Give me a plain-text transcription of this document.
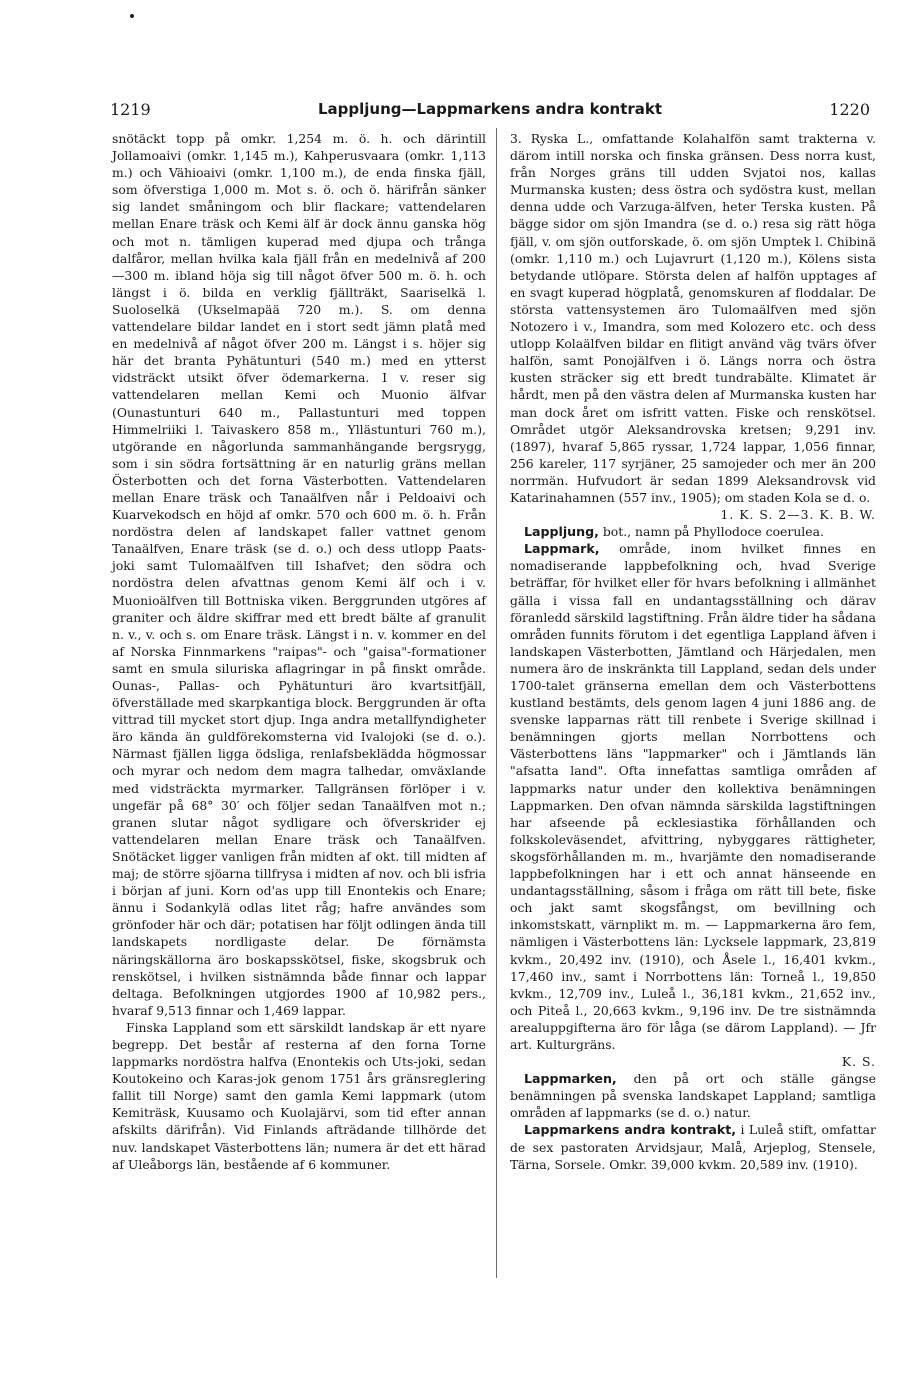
1219	Lappljung—Lappmarkens andra kontrakt	1220

snötäckt topp på omkr. 1,254 m. ö. h. och därintill Jollamoaivi (omkr. 1,145 m.), Kahperusvaara (omkr. 1,113 m.) och Vähioaivi (omkr. 1,100 m.), de enda finska fjäll, som öfverstiga 1,000 m. Mot s. ö. och ö. härifrån sänker sig landet småningom och blir flackare; vattendelaren mellan Enare träsk och Kemi älf är dock ännu ganska hög och mot n. tämligen kuperad med djupa och trånga dalfåror, mellan hvilka kala fjäll från en medelnivå af 200 —300 m. ibland höja sig till något öfver 500 m. ö. h. och längst i ö. bilda en verklig fjällträkt, Saariselkä l. Suoloselkä (Ukselmapää 720 m.). S. om denna vattendelare bildar landet en i stort sedt jämn platå med en medelnivå af något öfver 200 m. Längst i s. höjer sig här det branta Pyhätunturi (540 m.) med en ytterst vidsträckt utsikt öfver ödemarkerna. I v. reser sig vattendelaren mellan Kemi och Muonio älfvar (Ounastunturi 640 m., Pallastunturi med toppen Himmelriiki l. Taivaskero 858 m., Yllästunturi 760 m.), utgörande en någorlunda sammanhängande bergsrygg, som i sin södra fortsättning är en naturlig gräns mellan Österbotten och det forna Västerbotten. Vattendelaren mellan Enare träsk och Tanaälfven når i Peldoaivi och Kuarvekodsch en höjd af omkr. 570 och 600 m. ö. h. Från nordöstra delen af landskapet faller vattnet genom Tanaälfven, Enare träsk (se d. o.) och dess utlopp Paats-joki samt Tulomaälfven till Ishafvet; den södra och nordöstra delen afvattnas genom Kemi älf och i v. Muonioälfven till Bottniska viken. Berggrunden utgöres af graniter och äldre skiffrar med ett bredt bälte af granulit n. v., v. och s. om Enare träsk. Längst i n. v. kommer en del af Norska Finnmarkens "raipas"- och "gaisa"-formationer samt en smula siluriska aflagringar in på finskt område. Ounas-, Pallas- och Pyhätunturi äro kvartsitfjäll, öfverställade med skarpkantiga block. Berggrunden är ofta vittrad till mycket stort djup. Inga andra metallfyndigheter äro kända än guldförekomsterna vid Ivalojoki (se d. o.). Närmast fjällen ligga ödsliga, renlafsbeklädda högmossar och myrar och nedom dem magra talhedar, omväxlande med vidsträckta myrmarker. Tallgränsen förlöper i v. ungefär på 68° 30′ och följer sedan Tanaälfven mot n.; granen slutar något sydligare och öfverskrider ej vattendelaren mellan Enare träsk och Tanaälfven. Snötäcket ligger vanligen från midten af okt. till midten af maj; de större sjöarna tillfrysa i midten af nov. och bli isfria i början af juni. Korn od'as upp till Enontekis och Enare; ännu i Sodankylä odlas litet råg; hafre användes som grönfoder här och där; potatisen har följt odlingen ända till landskapets nordligaste delar. De förnämsta näringskällorna äro boskapsskötsel, fiske, skogsbruk och renskötsel, i hvilken sistnämnda både finnar och lappar deltaga. Befolkningen utgjordes 1900 af 10,982 pers., hvaraf 9,513 finnar och 1,469 lappar.

Finska Lappland som ett särskildt landskap är ett nyare begrepp. Det består af resterna af den forna Torne lappmarks nordöstra halfva (Enontekis och Uts-joki, sedan Koutokeino och Karas-jok genom 1751 års gränsreglering fallit till Norge) samt den gamla Kemi lappmark (utom Kemiträsk, Kuusamo och Kuolajärvi, som tid efter annan afskilts därifrån). Vid Finlands afträdande tillhörde det nuv. landskapet Västerbottens län; numera är det ett härad af Uleåborgs län, bestående af 6 kommuner.

3. Ryska L., omfattande Kolahalfön samt trakterna v. därom intill norska och finska gränsen. Dess norra kust, från Norges gräns till udden Svjatoi nos, kallas Murmanska kusten; dess östra och sydöstra kust, mellan denna udde och Varzuga-älfven, heter Terska kusten. På bägge sidor om sjön Imandra (se d. o.) resa sig rätt höga fjäll, v. om sjön outforskade, ö. om sjön Umptek l. Chibinä (omkr. 1,110 m.) och Lujavrurt (1,120 m.), Kölens sista betydande utlöpare. Största delen af halfön upptages af en svagt kuperad högplatå, genomskuren af floddalar. De största vattensystemen äro Tulomaälfven med sjön Notozero i v., Imandra, som med Kolozero etc. och dess utlopp Kolaälfven bildar en flitigt använd väg tvärs öfver halfön, samt Ponojälfven i ö. Längs norra och östra kusten sträcker sig ett bredt tundrabälte. Klimatet är hårdt, men på den västra delen af Murmanska kusten har man dock året om isfritt vatten. Fiske och renskötsel. Området utgör Aleksandrovska kretsen; 9,291 inv. (1897), hvaraf 5,865 ryssar, 1,724 lappar, 1,056 finnar, 256 kareler, 117 syrjäner, 25 samojeder och mer än 200 norrmän. Hufvudort är sedan 1899 Aleksandrovsk vid Katarinahamnen (557 inv., 1905); om staden Kola se d. o.

1. K. S. 2—3. K. B. W.

Lappljung, bot., namn på Phyllodoce coerulea.

Lappmark, område, inom hvilket finnes en nomadiserande lappbefolkning och, hvad Sverige beträffar, för hvilket eller för hvars befolkning i allmänhet gälla i vissa fall en undantagsställning och därav föranledd särskild lagstiftning. Från äldre tider ha sådana områden funnits förutom i det egentliga Lappland äfven i landskapen Västerbotten, Jämtland och Härjedalen, men numera äro de inskränkta till Lappland, sedan dels under 1700-talet gränserna emellan dem och Västerbottens kustland bestämts, dels genom lagen 4 juni 1886 ang. de svenske lapparnas rätt till renbete i Sverige skillnad i benämningen gjorts mellan Norrbottens och Västerbottens läns "lappmarker" och i Jämtlands län "afsatta land". Ofta innefattas samtliga områden af lappmarks natur under den kollektiva benämningen Lappmarken. Den ofvan nämnda särskilda lagstiftningen har afseende på ecklesiastika förhållanden och folkskoleväsendet, afvittring, nybyggares rättigheter, skogsförhållanden m. m., hvarjämte den nomadiserande lappbefolkningen har i ett och annat hänseende en undantagsställning, såsom i fråga om rätt till bete, fiske och jakt samt skogsfångst, om bevillning och inkomstskatt, värnplikt m. m. — Lappmarkerna äro fem, nämligen i Västerbottens län: Lycksele lappmark, 23,819 kvkm., 20,492 inv. (1910), och Åsele l., 16,401 kvkm., 17,460 inv., samt i Norrbottens län: Torneå l., 19,850 kvkm., 12,709 inv., Luleå l., 36,181 kvkm., 21,652 inv., och Piteå l., 20,663 kvkm., 9,196 inv. De tre sistnämnda arealuppgifterna äro för låga (se därom Lappland). — Jfr art. Kulturgräns.

K. S.

Lappmarken, den på ort och ställe gängse benämningen på svenska landskapet Lappland; samtliga områden af lappmarks (se d. o.) natur.

Lappmarkens andra kontrakt, i Luleå stift, omfattar de sex pastoraten Arvidsjaur, Malå, Arjeplog, Stensele, Tärna, Sorsele. Omkr. 39,000 kvkm. 20,589 inv. (1910).
